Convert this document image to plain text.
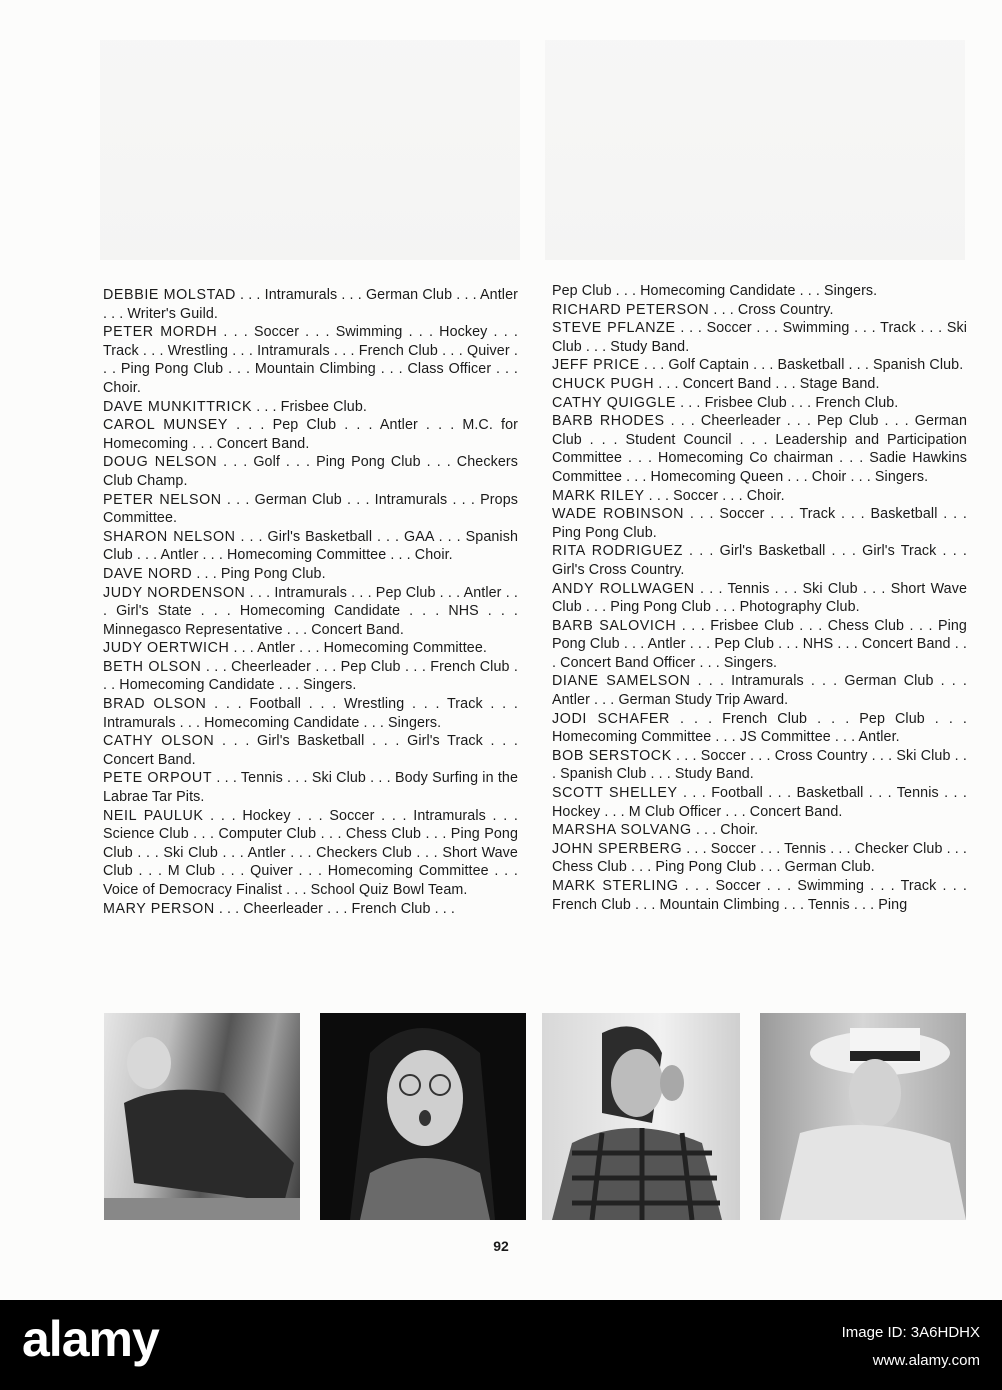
DEBBIE MOLSTAD . . . Intramurals . . . German Club . . . Antler . . . Writer's Guild.

PETER MORDH . . . Soccer . . . Swimming . . . Hockey . . . Track . . . Wrestling . . . Intramurals . . . French Club . . . Quiver . . . Ping Pong Club . . . Mountain Climbing . . . Class Officer . . . Choir.

DAVE MUNKITTRICK . . . Frisbee Club.

CAROL MUNSEY . . . Pep Club . . . Antler . . . M.C. for Homecoming . . . Concert Band.

DOUG NELSON . . . Golf . . . Ping Pong Club . . . Checkers Club Champ.

PETER NELSON . . . German Club . . . Intramurals . . . Props Committee.

SHARON NELSON . . . Girl's Basketball . . . GAA . . . Spanish Club . . . Antler . . . Homecoming Committee . . . Choir.

DAVE NORD . . . Ping Pong Club.

JUDY NORDENSON . . . Intramurals . . . Pep Club . . . Antler . . . Girl's State . . . Homecoming Candidate . . . NHS . . . Minnegasco Representative . . . Concert Band.

JUDY OERTWICH . . . Antler . . . Homecoming Committee.

BETH OLSON . . . Cheerleader . . . Pep Club . . . French Club . . . Homecoming Candidate . . . Singers.

BRAD OLSON . . . Football . . . Wrestling . . . Track . . . Intramurals . . . Homecoming Candidate . . . Singers.

CATHY OLSON . . . Girl's Basketball . . . Girl's Track . . . Concert Band.

PETE ORPOUT . . . Tennis . . . Ski Club . . . Body Surfing in the Labrae Tar Pits.

NEIL PAULUK . . . Hockey . . . Soccer . . . Intramurals . . . Science Club . . . Computer Club . . . Chess Club . . . Ping Pong Club . . . Ski Club . . . Antler . . . Checkers Club . . . Short Wave Club . . . M Club . . . Quiver . . . Homecoming Committee . . . Voice of Democracy Finalist . . . School Quiz Bowl Team.

MARY PERSON . . . Cheerleader . . . French Club . . .

Pep Club . . . Homecoming Candidate . . . Singers.

RICHARD PETERSON . . . Cross Country.

STEVE PFLANZE . . . Soccer . . . Swimming . . . Track . . . Ski Club . . . Study Band.

JEFF PRICE . . . Golf Captain . . . Basketball . . . Spanish Club.

CHUCK PUGH . . . Concert Band . . . Stage Band.

CATHY QUIGGLE . . . Frisbee Club . . . French Club.

BARB RHODES . . . Cheerleader . . . Pep Club . . . German Club . . . Student Council . . . Leadership and Participation Committee . . . Homecoming Co chairman . . . Sadie Hawkins Committee . . . Homecoming Queen . . . Choir . . . Singers.

MARK RILEY . . . Soccer . . . Choir.

WADE ROBINSON . . . Soccer . . . Track . . . Basketball . . . Ping Pong Club.

RITA RODRIGUEZ . . . Girl's Basketball . . . Girl's Track . . . Girl's Cross Country.

ANDY ROLLWAGEN . . . Tennis . . . Ski Club . . . Short Wave Club . . . Ping Pong Club . . . Photography Club.

BARB SALOVICH . . . Frisbee Club . . . Chess Club . . . Ping Pong Club . . . Antler . . . Pep Club . . . NHS . . . Concert Band . . . Concert Band Officer . . . Singers.

DIANE SAMELSON . . . Intramurals . . . German Club . . . Antler . . . German Study Trip Award.

JODI SCHAFER . . . French Club . . . Pep Club . . . Homecoming Committee . . . JS Committee . . . Antler.

BOB SERSTOCK . . . Soccer . . . Cross Country . . . Ski Club . . . Spanish Club . . . Study Band.

SCOTT SHELLEY . . . Football . . . Basketball . . . Tennis . . . Hockey . . . M Club Officer . . . Concert Band.

MARSHA SOLVANG . . . Choir.

JOHN SPERBERG . . . Soccer . . . Tennis . . . Checker Club . . . Chess Club . . . Ping Pong Club . . . German Club.

MARK STERLING . . . Soccer . . . Swimming . . . Track . . . French Club . . . Mountain Climbing . . . Tennis . . . Ping

92
alamy	Image ID: 3A6HDHX
www.alamy.com
